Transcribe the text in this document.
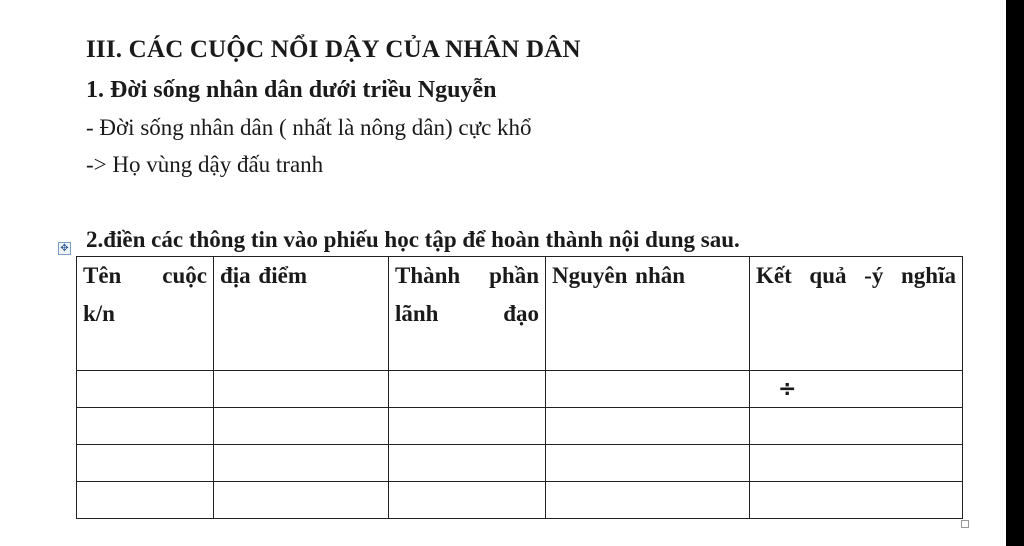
III. CÁC CUỘC NỔI DẬY CỦA NHÂN DÂN
1. Đời sống nhân dân dưới triều Nguyễn
- Đời sống nhân dân ( nhất là nông dân) cực khổ
-> Họ vùng dậy đấu tranh
2.điền các thông tin vào phiếu học tập để hoàn thành nội dung sau.
✥
Tên cuộc k/n	địa điểm	Thành phần lãnh đạo	Nguyên nhân	Kết quả -ý nghĩa
				÷
